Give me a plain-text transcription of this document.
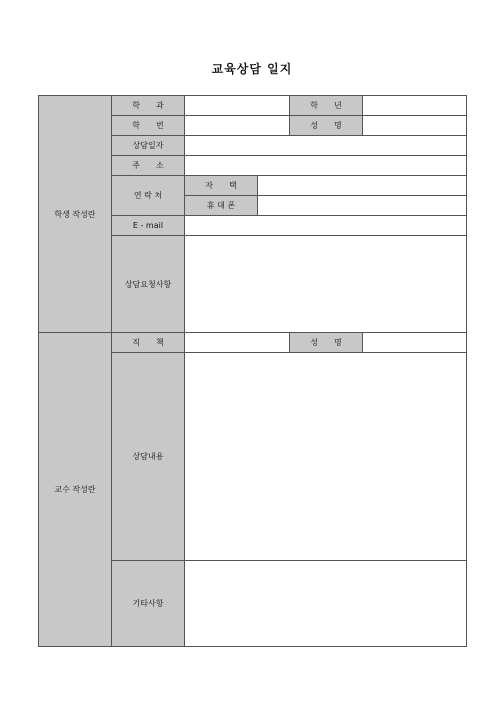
교육상담 일지
학생 작성란	학　　과			학　　년	
	학　　번			성　　명	
	상담일자				
	주　　소				
	연 락 처	자　　택			
		휴 대 폰			
	E - mail				
	상담요청사항				
교수 작성란	직　　책			성　　명	
	상담내용				
	기타사항				
